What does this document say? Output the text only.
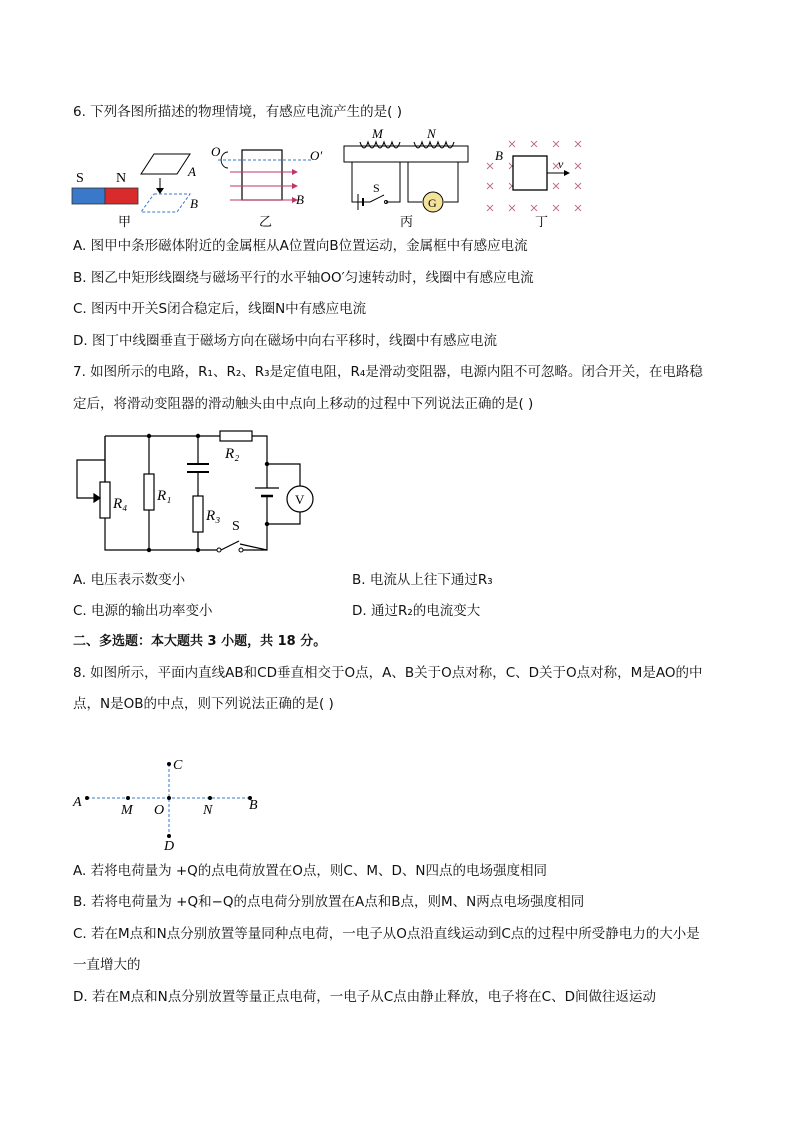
6. 下列各图所描述的物理情境，有感应电流产生的是( )
S N	A
B
甲
O	O′
B
乙
M	N
S
G
丙
B
v
丁
A. 图甲中条形磁体附近的金属框从A位置向B位置运动，金属框中有感应电流
B. 图乙中矩形线圈绕与磁场平行的水平轴OO′匀速转动时，线圈中有感应电流
C. 图丙中开关S闭合稳定后，线圈N中有感应电流
D. 图丁中线圈垂直于磁场方向在磁场中向右平移时，线圈中有感应电流
7. 如图所示的电路，R₁、R₂、R₃是定值电阻，R₄是滑动变阻器，电源内阻不可忽略。闭合开关，在电路稳
定后，将滑动变阻器的滑动触头由中点向上移动的过程中下列说法正确的是( )
R₄ R₁
R₃
R₂
S
V
A. 电压表示数变小	B. 电流从上往下通过R₃
C. 电源的输出功率变小	D. 通过R₂的电流变大
二、多选题：本大题共 3 小题，共 18 分。
8. 如图所示，平面内直线AB和CD垂直相交于O点，A、B关于O点对称，C、D关于O点对称，M是AO的中
点，N是OB的中点，则下列说法正确的是( )
A
M O	N	B
C
D
A. 若将电荷量为 +Q的点电荷放置在O点，则C、M、D、N四点的电场强度相同
B. 若将电荷量为 +Q和−Q的点电荷分别放置在A点和B点，则M、N两点电场强度相同
C. 若在M点和N点分别放置等量同种点电荷，一电子从O点沿直线运动到C点的过程中所受静电力的大小是
一直增大的
D. 若在M点和N点分别放置等量正点电荷，一电子从C点由静止释放，电子将在C、D间做往返运动
